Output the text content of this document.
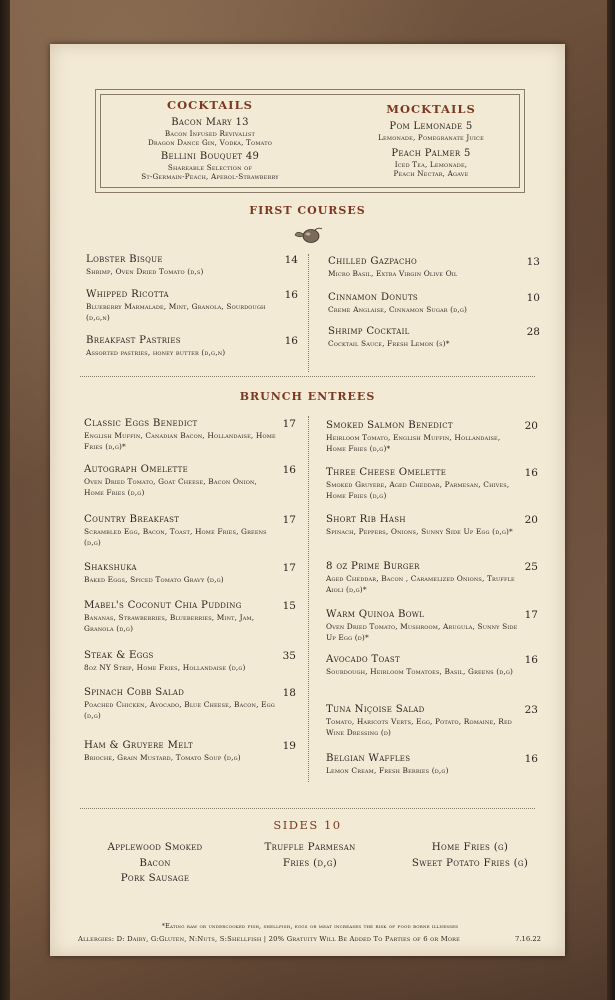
COCKTAILS
Bacon Mary 13
Bacon Infused Revivalist
Dragon Dance Gin, Vodka, Tomato
Bellini Bouquet 49
Shareable Selection of
St-Germain-Peach, Aperol-Strawberry
MOCKTAILS
Pom Lemonade 5
Lemonade, Pomegranate Juice
Peach Palmer 5
Iced Tea, Lemonade,
Peach Nectar, Agave
FIRST COURSES
Lobster Bisque	14
Shrimp, Oven Dried Tomato (d,s)
Whipped Ricotta	16
Blueberry Marmalade, Mint, Granola, Sourdough (d,g,n)
Breakfast Pastries	16
Assorted pastries, honey butter (d,g,n)
Chilled Gazpacho	13
Micro Basil, Extra Virgin Olive Oil
Cinnamon Donuts	10
Creme Anglaise, Cinnamon Sugar (d,g)
Shrimp Cocktail	28
Cocktail Sauce, Fresh Lemon (s)*
BRUNCH ENTREES
Classic Eggs Benedict	17
English Muffin, Canadian Bacon, Hollandaise, Home Fries (d,g)*
Autograph Omelette	16
Oven Dried Tomato, Goat Cheese, Bacon Onion, Home Fries (d,g)
Country Breakfast	17
Scrambled Egg, Bacon, Toast, Home Fries, Greens (d,g)
Shakshuka	17
Baked Eggs, Spiced Tomato Gravy (d,g)
Mabel's Coconut Chia Pudding	15
Bananas, Strawberries, Blueberries, Mint, Jam, Granola (d,g)
Steak & Eggs	35
8oz NY Strip, Home Fries, Hollandaise (d,g)
Spinach Cobb Salad	18
Poached Chicken, Avocado, Blue Cheese, Bacon, Egg (d,g)
Ham & Gruyere Melt	19
Brioche, Grain Mustard, Tomato Soup (d,g)
Smoked Salmon Benedict	20
Heirloom Tomato, English Muffin, Hollandaise, Home Fries (d,g)*
Three Cheese Omelette	16
Smoked Gruyere, Aged Cheddar, Parmesan, Chives, Home Fries (d,g)
Short Rib Hash	20
Spinach, Peppers, Onions, Sunny Side Up Egg (d,g)*
8 oz Prime Burger	25
Aged Cheddar, Bacon , Caramelized Onions, Truffle Aioli (d,g)*
Warm Quinoa Bowl	17
Oven Dried Tomato, Mushroom, Arugula, Sunny Side Up Egg (d)*
Avocado Toast	16
Sourdough, Heirloom Tomatoes, Basil, Greens (d,g)
Tuna Niçoise Salad	23
Tomato, Haricots Verts, Egg, Potato, Romaine, Red Wine Dressing (d)
Belgian Waffles	16
Lemon Cream, Fresh Berries (d,g)
SIDES 10
Applewood Smoked
Bacon
Pork Sausage
Truffle Parmesan
Fries (d,g)
Home Fries (g)
Sweet Potato Fries (g)
*Eating raw or undercooked fish, shellfish, eggs or meat increases the risk of food borne illnesses
Allergies: D: Dairy, G:Gluten, N:Nuts, S:Shellfish | 20% Gratuity Will Be Added To Parties of 6 or More	7.16.22
